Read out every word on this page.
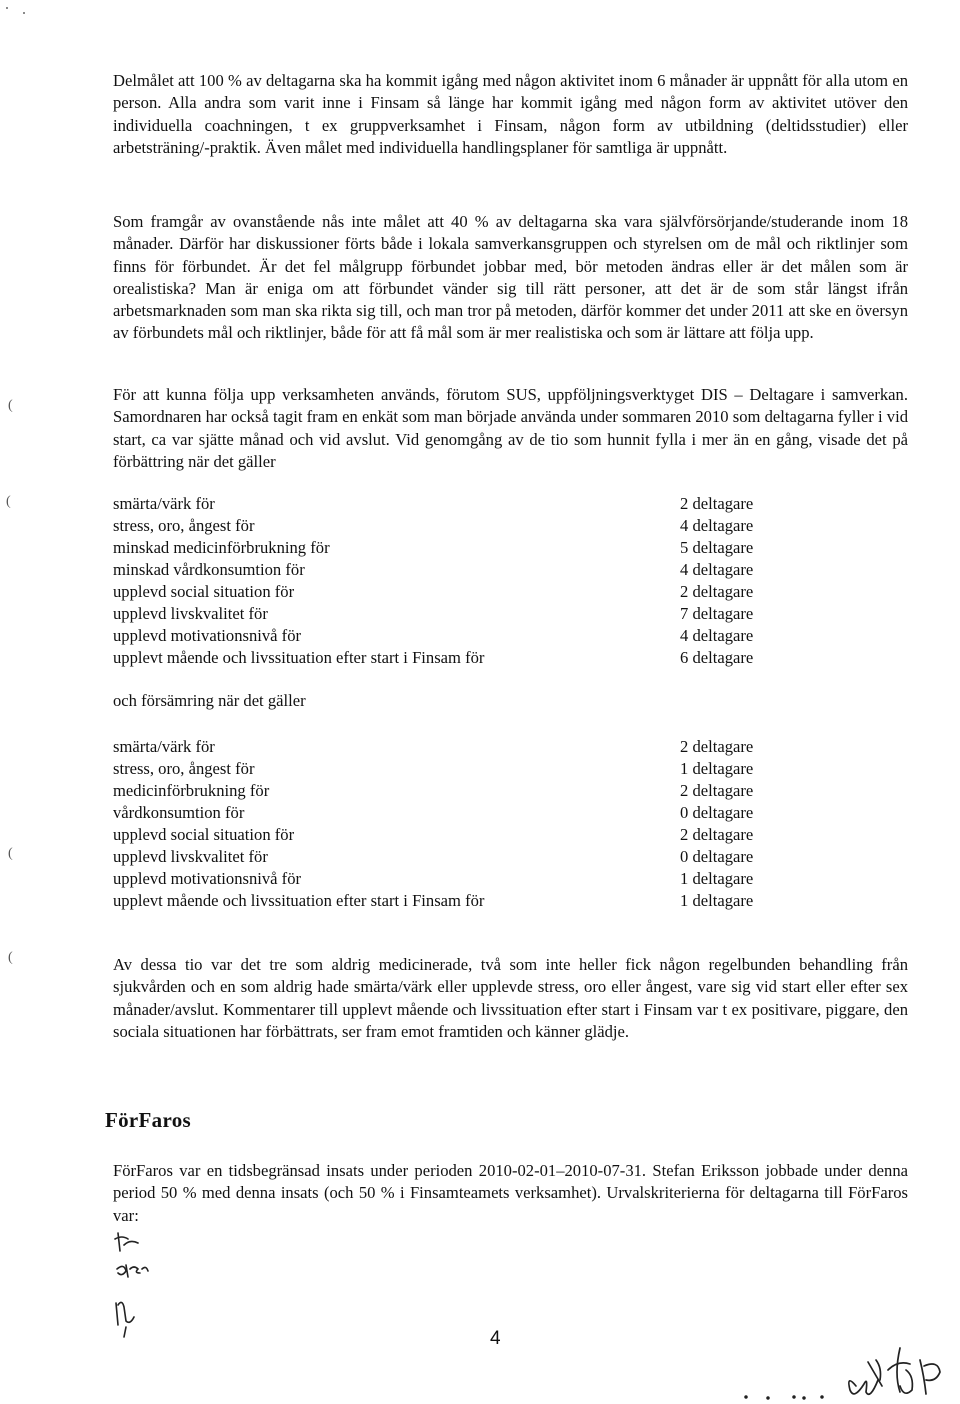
Delmålet att 100 % av deltagarna ska ha kommit igång med någon aktivitet inom 6 månader är uppnått för alla utom en person. Alla andra som varit inne i Finsam så länge har kommit igång med någon form av aktivitet utöver den individuella coachningen, t ex gruppverksamhet i Finsam, någon form av utbildning (deltidsstudier) eller arbetsträning/-praktik. Även målet med individuella handlingsplaner för samtliga är uppnått.

Som framgår av ovanstående nås inte målet att 40 % av deltagarna ska vara självförsörjande/studerande inom 18 månader. Därför har diskussioner förts både i lokala samverkansgruppen och styrelsen om de mål och riktlinjer som finns för förbundet. Är det fel målgrupp förbundet jobbar med, bör metoden ändras eller är det målen som är orealistiska? Man är eniga om att förbundet vänder sig till rätt personer, att det är de som står längst ifrån arbetsmarknaden som man ska rikta sig till, och man tror på metoden, därför kommer det under 2011 att ske en översyn av förbundets mål och riktlinjer, både för att få mål som är mer realistiska och som är lättare att följa upp.

För att kunna följa upp verksamheten används, förutom SUS, uppföljningsverktyget DIS – Deltagare i samverkan. Samordnaren har också tagit fram en enkät som man började använda under sommaren 2010 som deltagarna fyller i vid start, ca var sjätte månad och vid avslut. Vid genomgång av de tio som hunnit fylla i mer än en gång, visade det på förbättring när det gäller

smärta/värk för	2 deltagare
stress, oro, ångest för	4 deltagare
minskad medicinförbrukning för	5 deltagare
minskad vårdkonsumtion för	4 deltagare
upplevd social situation för	2 deltagare
upplevd livskvalitet för	7 deltagare
upplevd motivationsnivå för	4 deltagare
upplevt mående och livssituation efter start i Finsam för	6 deltagare
och försämring när det gäller
smärta/värk för	2 deltagare
stress, oro, ångest för	1 deltagare
medicinförbrukning för	2 deltagare
vårdkonsumtion för	0 deltagare
upplevd social situation för	2 deltagare
upplevd livskvalitet för	0 deltagare
upplevd motivationsnivå för	1 deltagare
upplevt mående och livssituation efter start i Finsam för	1 deltagare

Av dessa tio var det tre som aldrig medicinerade, två som inte heller fick någon regelbunden behandling från sjukvården och en som aldrig hade smärta/värk eller upplevde stress, oro eller ångest, vare sig vid start eller efter sex månader/avslut. Kommentarer till upplevt mående och livssituation efter start i Finsam var t ex positivare, piggare, den sociala situationen har förbättrats, ser fram emot framtiden och känner glädje.

FörFaros

FörFaros var en tidsbegränsad insats under perioden 2010-02-01–2010-07-31. Stefan Eriksson jobbade under denna period 50 % med denna insats (och 50 % i Finsamteamets verksamhet). Urvalskriterierna för deltagarna till FörFaros var:

(
(
(
(
4
